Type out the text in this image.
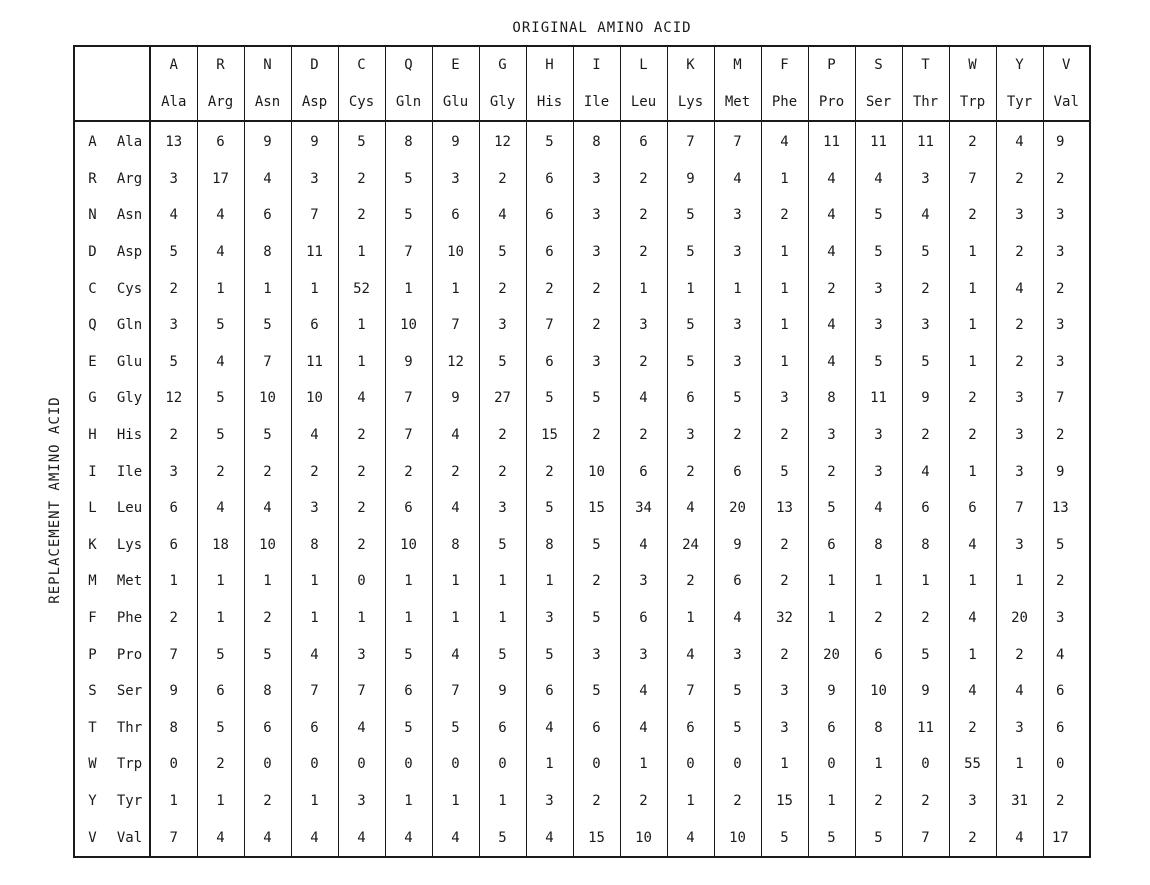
ORIGINAL AMINO ACID
REPLACEMENT AMINO ACID
		A	R	N	D	C	Q	E	G	H	I	L	K	M	F	P	S	T	W	Y	V
		Ala	Arg	Asn	Asp	Cys	Gln	Glu	Gly	His	Ile	Leu	Lys	Met	Phe	Pro	Ser	Thr	Trp	Tyr	Val
A	Ala	13	6	9	9	5	8	9	12	5	8	6	7	7	4	11	11	11	2	4	9
R	Arg	3	17	4	3	2	5	3	2	6	3	2	9	4	1	4	4	3	7	2	2
N	Asn	4	4	6	7	2	5	6	4	6	3	2	5	3	2	4	5	4	2	3	3
D	Asp	5	4	8	11	1	7	10	5	6	3	2	5	3	1	4	5	5	1	2	3
C	Cys	2	1	1	1	52	1	1	2	2	2	1	1	1	1	2	3	2	1	4	2
Q	Gln	3	5	5	6	1	10	7	3	7	2	3	5	3	1	4	3	3	1	2	3
E	Glu	5	4	7	11	1	9	12	5	6	3	2	5	3	1	4	5	5	1	2	3
G	Gly	12	5	10	10	4	7	9	27	5	5	4	6	5	3	8	11	9	2	3	7
H	His	2	5	5	4	2	7	4	2	15	2	2	3	2	2	3	3	2	2	3	2
I	Ile	3	2	2	2	2	2	2	2	2	10	6	2	6	5	2	3	4	1	3	9
L	Leu	6	4	4	3	2	6	4	3	5	15	34	4	20	13	5	4	6	6	7	13
K	Lys	6	18	10	8	2	10	8	5	8	5	4	24	9	2	6	8	8	4	3	5
M	Met	1	1	1	1	0	1	1	1	1	2	3	2	6	2	1	1	1	1	1	2
F	Phe	2	1	2	1	1	1	1	1	3	5	6	1	4	32	1	2	2	4	20	3
P	Pro	7	5	5	4	3	5	4	5	5	3	3	4	3	2	20	6	5	1	2	4
S	Ser	9	6	8	7	7	6	7	9	6	5	4	7	5	3	9	10	9	4	4	6
T	Thr	8	5	6	6	4	5	5	6	4	6	4	6	5	3	6	8	11	2	3	6
W	Trp	0	2	0	0	0	0	0	0	1	0	1	0	0	1	0	1	0	55	1	0
Y	Tyr	1	1	2	1	3	1	1	1	3	2	2	1	2	15	1	2	2	3	31	2
V	Val	7	4	4	4	4	4	4	5	4	15	10	4	10	5	5	5	7	2	4	17
